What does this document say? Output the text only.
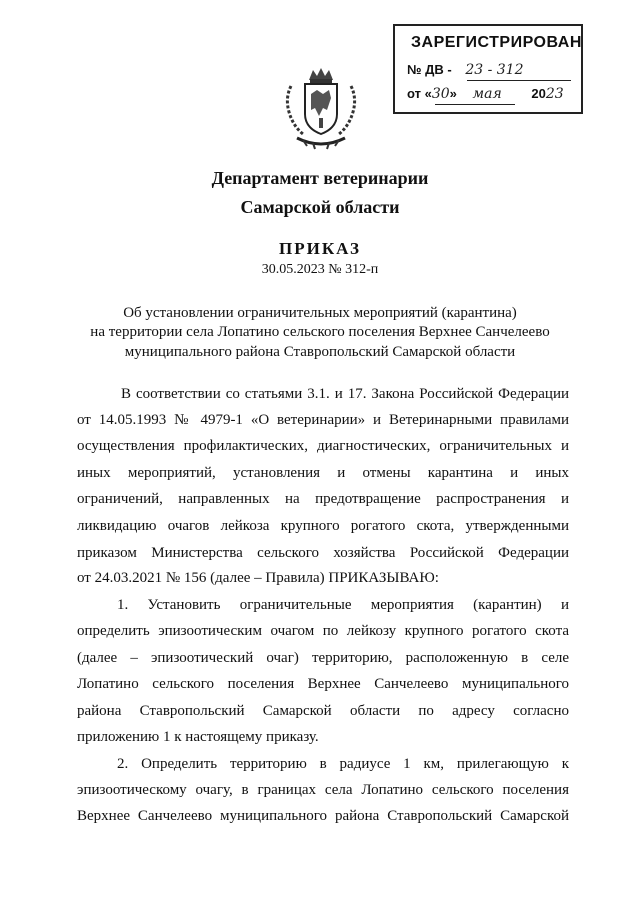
ЗАРЕГИСТРИРОВАН
№ ДВ - 23 - 312
от «30» мая 2023
Департамент ветеринарии
Самарской области
ПРИКАЗ
30.05.2023 № 312-п
Об установлении ограничительных мероприятий (карантина)
на территории села Лопатино сельского поселения Верхнее Санчелеево
муниципального района Ставропольский Самарской области
В соответствии со статьями 3.1. и 17. Закона Российской Федерации
от 14.05.1993 № 4979-1 «О ветеринарии» и Ветеринарными правилами
осуществления профилактических, диагностических, ограничительных и
иных мероприятий, установления и отмены карантина и иных
ограничений, направленных на предотвращение распространения и
ликвидацию очагов лейкоза крупного рогатого скота, утвержденными
приказом Министерства сельского хозяйства Российской Федерации
от 24.03.2021 № 156 (далее – Правила) ПРИКАЗЫВАЮ:
1. Установить ограничительные мероприятия (карантин) и
определить эпизоотическим очагом по лейкозу крупного рогатого скота
(далее – эпизоотический очаг) территорию, расположенную в селе
Лопатино сельского поселения Верхнее Санчелеево муниципального
района Ставропольский Самарской области по адресу согласно
приложению 1 к настоящему приказу.
2. Определить территорию в радиусе 1 км, прилегающую к
эпизоотическому очагу, в границах села Лопатино сельского поселения
Верхнее Санчелеево муниципального района Ставропольский Самарской
